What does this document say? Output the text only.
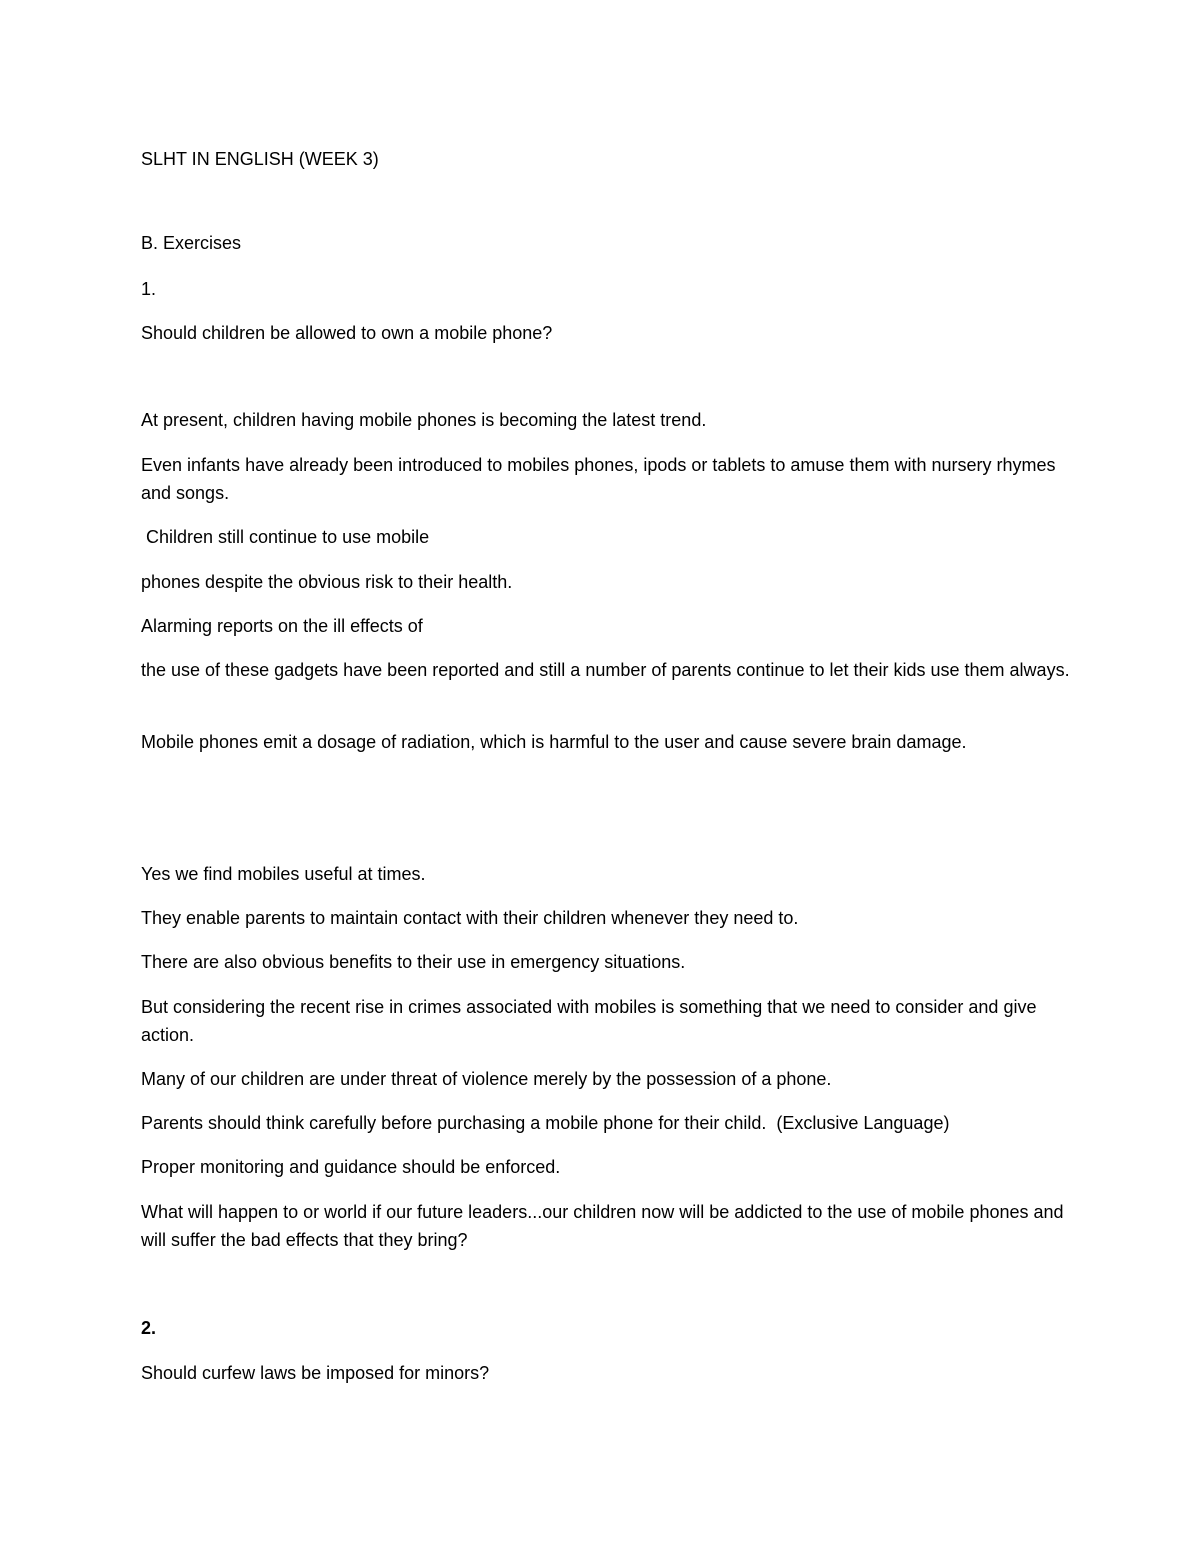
SLHT IN ENGLISH (WEEK 3)
B. Exercises
1.
Should children be allowed to own a mobile phone?
At present, children having mobile phones is becoming the latest trend.
Even infants have already been introduced to mobiles phones, ipods or tablets to amuse them with nursery rhymes and songs.
Children still continue to use mobile
phones despite the obvious risk to their health.
Alarming reports on the ill effects of
the use of these gadgets have been reported and still a number of parents continue to let their kids use them always.
Mobile phones emit a dosage of radiation, which is harmful to the user and cause severe brain damage.
Yes we find mobiles useful at times.
They enable parents to maintain contact with their children whenever they need to.
There are also obvious benefits to their use in emergency situations.
But considering the recent rise in crimes associated with mobiles is something that we need to consider and give action.
Many of our children are under threat of violence merely by the possession of a phone.
Parents should think carefully before purchasing a mobile phone for their child.  (Exclusive Language)
Proper monitoring and guidance should be enforced.
What will happen to or world if our future leaders...our children now will be addicted to the use of mobile phones and will suffer the bad effects that they bring?
2.
Should curfew laws be imposed for minors?
